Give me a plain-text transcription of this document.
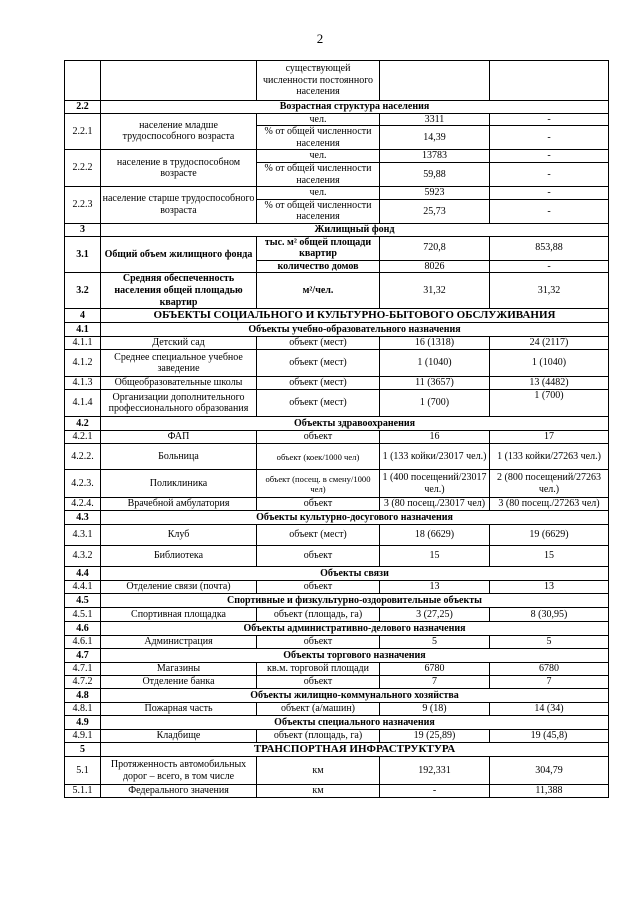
2
		существующей численности постоянного населения		
2.2	Возрастная структура населения			
2.2.1	население младше трудоспособного возраста	чел.	3311	-
		% от общей численности населения	14,39	-
2.2.2	население в трудоспособном возрасте	чел.	13783	-
		% от общей численности населения	59,88	-
2.2.3	население старше трудоспособного возраста	чел.	5923	-
		% от общей численности населения	25,73	-
3	Жилищный фонд			
3.1	Общий объем жилищного фонда	тыс. м² общей площади квартир	720,8	853,88
		количество домов	8026	-
3.2	Средняя обеспеченность населения общей площадью квартир	м²/чел.	31,32	31,32
4	ОБЪЕКТЫ СОЦИАЛЬНОГО И КУЛЬТУРНО-БЫТОВОГО ОБСЛУЖИВАНИЯ			
4.1	Объекты учебно-образовательного назначения			
4.1.1	Детский сад	объект (мест)	16 (1318)	24 (2117)
4.1.2	Среднее специальное учебное заведение	объект (мест)	1 (1040)	1 (1040)
4.1.3	Общеобразовательные школы	объект (мест)	11 (3657)	13 (4482)
4.1.4	Организации дополнительного профессионального образования	объект (мест)	1 (700)	1 (700)
4.2	Объекты здравоохранения			
4.2.1	ФАП	объект	16	17
4.2.2.	Больница	объект (коек/1000 чел)	1 (133 койки/23017 чел.)	1 (133 койки/27263 чел.)
4.2.3.	Поликлиника	объект (посещ. в смену/1000 чел)	1 (400 посещений/23017 чел.)	2 (800 посещений/27263 чел.)
4.2.4.	Врачебной амбулатория	объект	3 (80 посещ./23017 чел)	3 (80 посещ./27263 чел)
4.3	Объекты культурно-досугового назначения			
4.3.1	Клуб	объект (мест)	18 (6629)	19 (6629)
4.3.2	Библиотека	объект	15	15
4.4	Объекты связи			
4.4.1	Отделение связи (почта)	объект	13	13
4.5	Спортивные и физкультурно-оздоровительные объекты			
4.5.1	Спортивная площадка	объект (площадь, га)	3 (27,25)	8 (30,95)
4.6	Объекты административно-делового назначения			
4.6.1	Администрация	объект	5	5
4.7	Объекты торгового назначения			
4.7.1	Магазины	кв.м. торговой площади	6780	6780
4.7.2	Отделение банка	объект	7	7
4.8	Объекты жилищно-коммунального хозяйства			
4.8.1	Пожарная часть	объект (а/машин)	9 (18)	14 (34)
4.9	Объекты специального назначения			
4.9.1	Кладбище	объект (площадь, га)	19 (25,89)	19 (45,8)
5	ТРАНСПОРТНАЯ ИНФРАСТРУКТУРА			
5.1	Протяженность автомобильных дорог – всего, в том числе	км	192,331	304,79
5.1.1	Федерального значения	км	-	11,388
